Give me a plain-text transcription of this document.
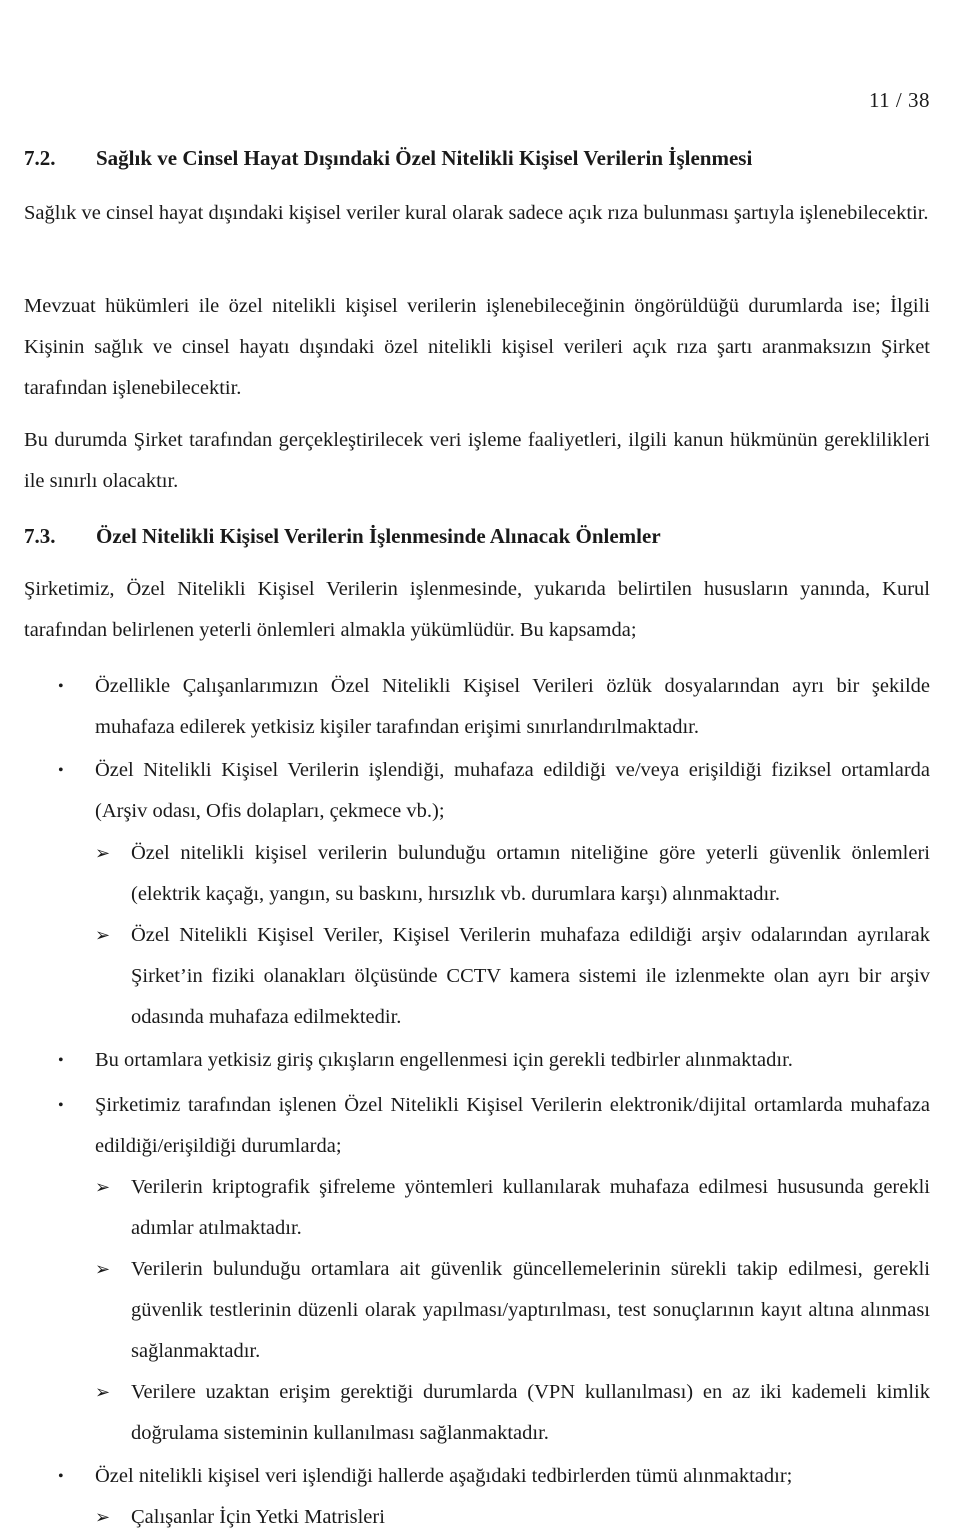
11 / 38
7.2. Sağlık ve Cinsel Hayat Dışındaki Özel Nitelikli Kişisel Verilerin İşlenmesi
Sağlık ve cinsel hayat dışındaki kişisel veriler kural olarak sadece açık rıza bulunması şartıyla işlenebilecektir.
Mevzuat hükümleri ile özel nitelikli kişisel verilerin işlenebileceğinin öngörüldüğü durumlarda ise; İlgili Kişinin sağlık ve cinsel hayatı dışındaki özel nitelikli kişisel verileri açık rıza şartı aranmaksızın Şirket tarafından işlenebilecektir.
Bu durumda Şirket tarafından gerçekleştirilecek veri işleme faaliyetleri, ilgili kanun hükmünün gereklilikleri ile sınırlı olacaktır.
7.3. Özel Nitelikli Kişisel Verilerin İşlenmesinde Alınacak Önlemler
Şirketimiz, Özel Nitelikli Kişisel Verilerin işlenmesinde, yukarıda belirtilen hususların yanında, Kurul tarafından belirlenen yeterli önlemleri almakla yükümlüdür. Bu kapsamda;
• Özellikle Çalışanlarımızın Özel Nitelikli Kişisel Verileri özlük dosyalarından ayrı bir şekilde muhafaza edilerek yetkisiz kişiler tarafından erişimi sınırlandırılmaktadır.
• Özel Nitelikli Kişisel Verilerin işlendiği, muhafaza edildiği ve/veya erişildiği fiziksel ortamlarda (Arşiv odası, Ofis dolapları, çekmece vb.);
➢ Özel nitelikli kişisel verilerin bulunduğu ortamın niteliğine göre yeterli güvenlik önlemleri (elektrik kaçağı, yangın, su baskını, hırsızlık vb. durumlara karşı) alınmaktadır.
➢ Özel Nitelikli Kişisel Veriler, Kişisel Verilerin muhafaza edildiği arşiv odalarından ayrılarak Şirket’in fiziki olanakları ölçüsünde CCTV kamera sistemi ile izlenmekte olan ayrı bir arşiv odasında muhafaza edilmektedir.
• Bu ortamlara yetkisiz giriş çıkışların engellenmesi için gerekli tedbirler alınmaktadır.
• Şirketimiz tarafından işlenen Özel Nitelikli Kişisel Verilerin elektronik/dijital ortamlarda muhafaza edildiği/erişildiği durumlarda;
➢ Verilerin kriptografik şifreleme yöntemleri kullanılarak muhafaza edilmesi hususunda gerekli adımlar atılmaktadır.
➢ Verilerin bulunduğu ortamlara ait güvenlik güncellemelerinin sürekli takip edilmesi, gerekli güvenlik testlerinin düzenli olarak yapılması/yaptırılması, test sonuçlarının kayıt altına alınması sağlanmaktadır.
➢ Verilere uzaktan erişim gerektiği durumlarda (VPN kullanılması) en az iki kademeli kimlik doğrulama sisteminin kullanılması sağlanmaktadır.
• Özel nitelikli kişisel veri işlendiği hallerde aşağıdaki tedbirlerden tümü alınmaktadır;
➢ Çalışanlar İçin Yetki Matrisleri
